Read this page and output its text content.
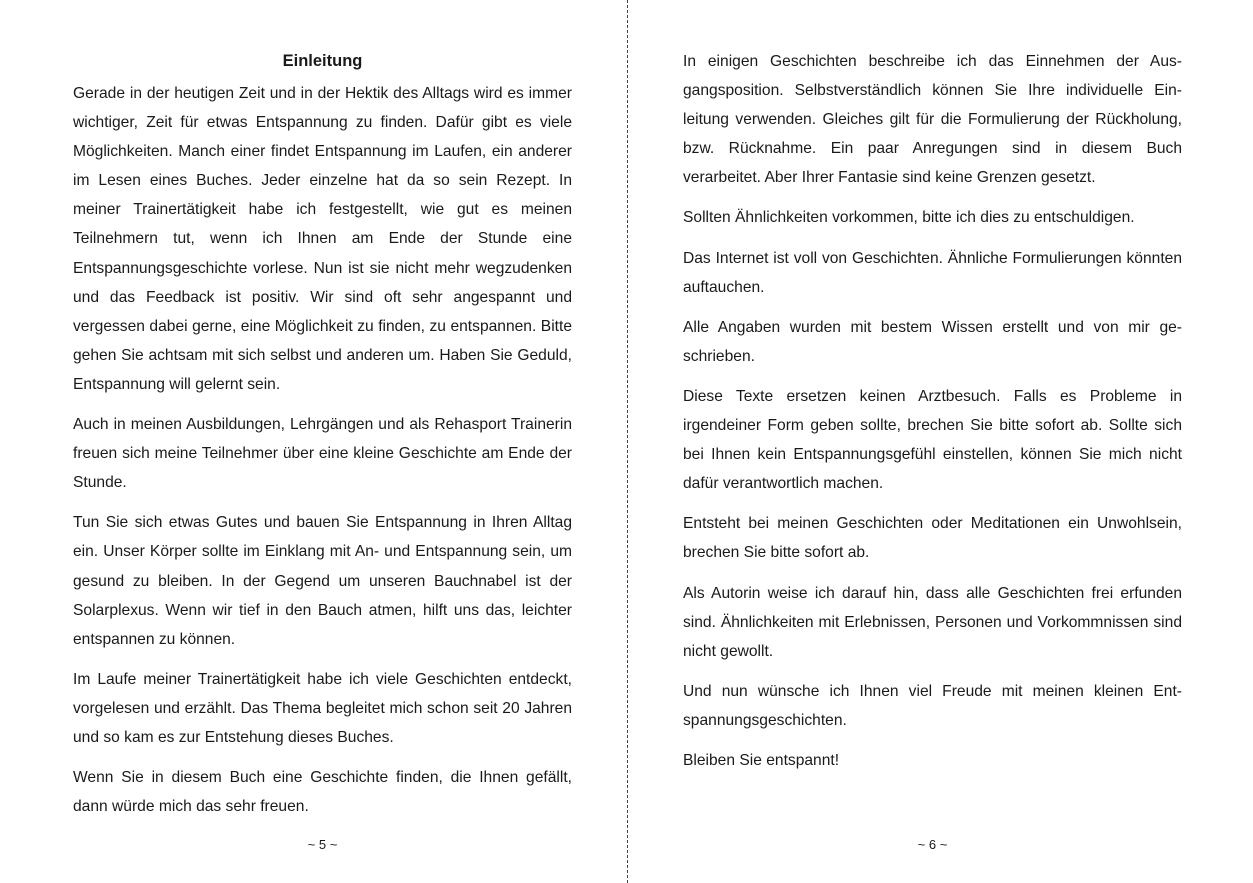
Einleitung

Gerade in der heutigen Zeit und in der Hektik des Alltags wird es immer wichtiger, Zeit für etwas Entspannung zu finden. Dafür gibt es viele Möglichkeiten. Manch einer findet Entspannung im Laufen, ein anderer im Lesen eines Buches. Jeder einzelne hat da so sein Rezept. In meiner Trainertätigkeit habe ich festgestellt, wie gut es meinen Teilnehmern tut, wenn ich Ihnen am Ende der Stunde eine Entspannungsgeschichte vorlese. Nun ist sie nicht mehr wegzudenken und das Feedback ist positiv. Wir sind oft sehr angespannt und vergessen dabei gerne, eine Möglichkeit zu finden, zu entspannen. Bitte gehen Sie achtsam mit sich selbst und anderen um. Haben Sie Geduld, Entspannung will gelernt sein.

Auch in meinen Ausbildungen, Lehrgängen und als Rehasport Trainerin freuen sich meine Teilnehmer über eine kleine Geschichte am Ende der Stunde.

Tun Sie sich etwas Gutes und bauen Sie Entspannung in Ihren Alltag ein. Unser Körper sollte im Einklang mit An- und Entspannung sein, um gesund zu bleiben. In der Gegend um unseren Bauchnabel ist der Solarplexus. Wenn wir tief in den Bauch atmen, hilft uns das, leichter entspannen zu können.

Im Laufe meiner Trainertätigkeit habe ich viele Geschichten entdeckt, vorgelesen und erzählt. Das Thema begleitet mich schon seit 20 Jahren und so kam es zur Entstehung dieses Buches.

Wenn Sie in diesem Buch eine Geschichte finden, die Ihnen gefällt, dann würde mich das sehr freuen.

~ 5 ~

In einigen Geschichten beschreibe ich das Einnehmen der Ausgangsposition. Selbstverständlich können Sie Ihre individuelle Einleitung verwenden. Gleiches gilt für die Formulierung der Rückholung, bzw. Rücknahme. Ein paar Anregungen sind in diesem Buch verarbeitet. Aber Ihrer Fantasie sind keine Grenzen gesetzt.

Sollten Ähnlichkeiten vorkommen, bitte ich dies zu entschuldigen.

Das Internet ist voll von Geschichten. Ähnliche Formulierungen könnten auftauchen.

Alle Angaben wurden mit bestem Wissen erstellt und von mir geschrieben.

Diese Texte ersetzen keinen Arztbesuch. Falls es Probleme in irgendeiner Form geben sollte, brechen Sie bitte sofort ab. Sollte sich bei Ihnen kein Entspannungsgefühl einstellen, können Sie mich nicht dafür verantwortlich machen.

Entsteht bei meinen Geschichten oder Meditationen ein Unwohlsein, brechen Sie bitte sofort ab.

Als Autorin weise ich darauf hin, dass alle Geschichten frei erfunden sind. Ähnlichkeiten mit Erlebnissen, Personen und Vorkommnissen sind nicht gewollt.

Und nun wünsche ich Ihnen viel Freude mit meinen kleinen Entspannungsgeschichten.

Bleiben Sie entspannt!

~ 6 ~
